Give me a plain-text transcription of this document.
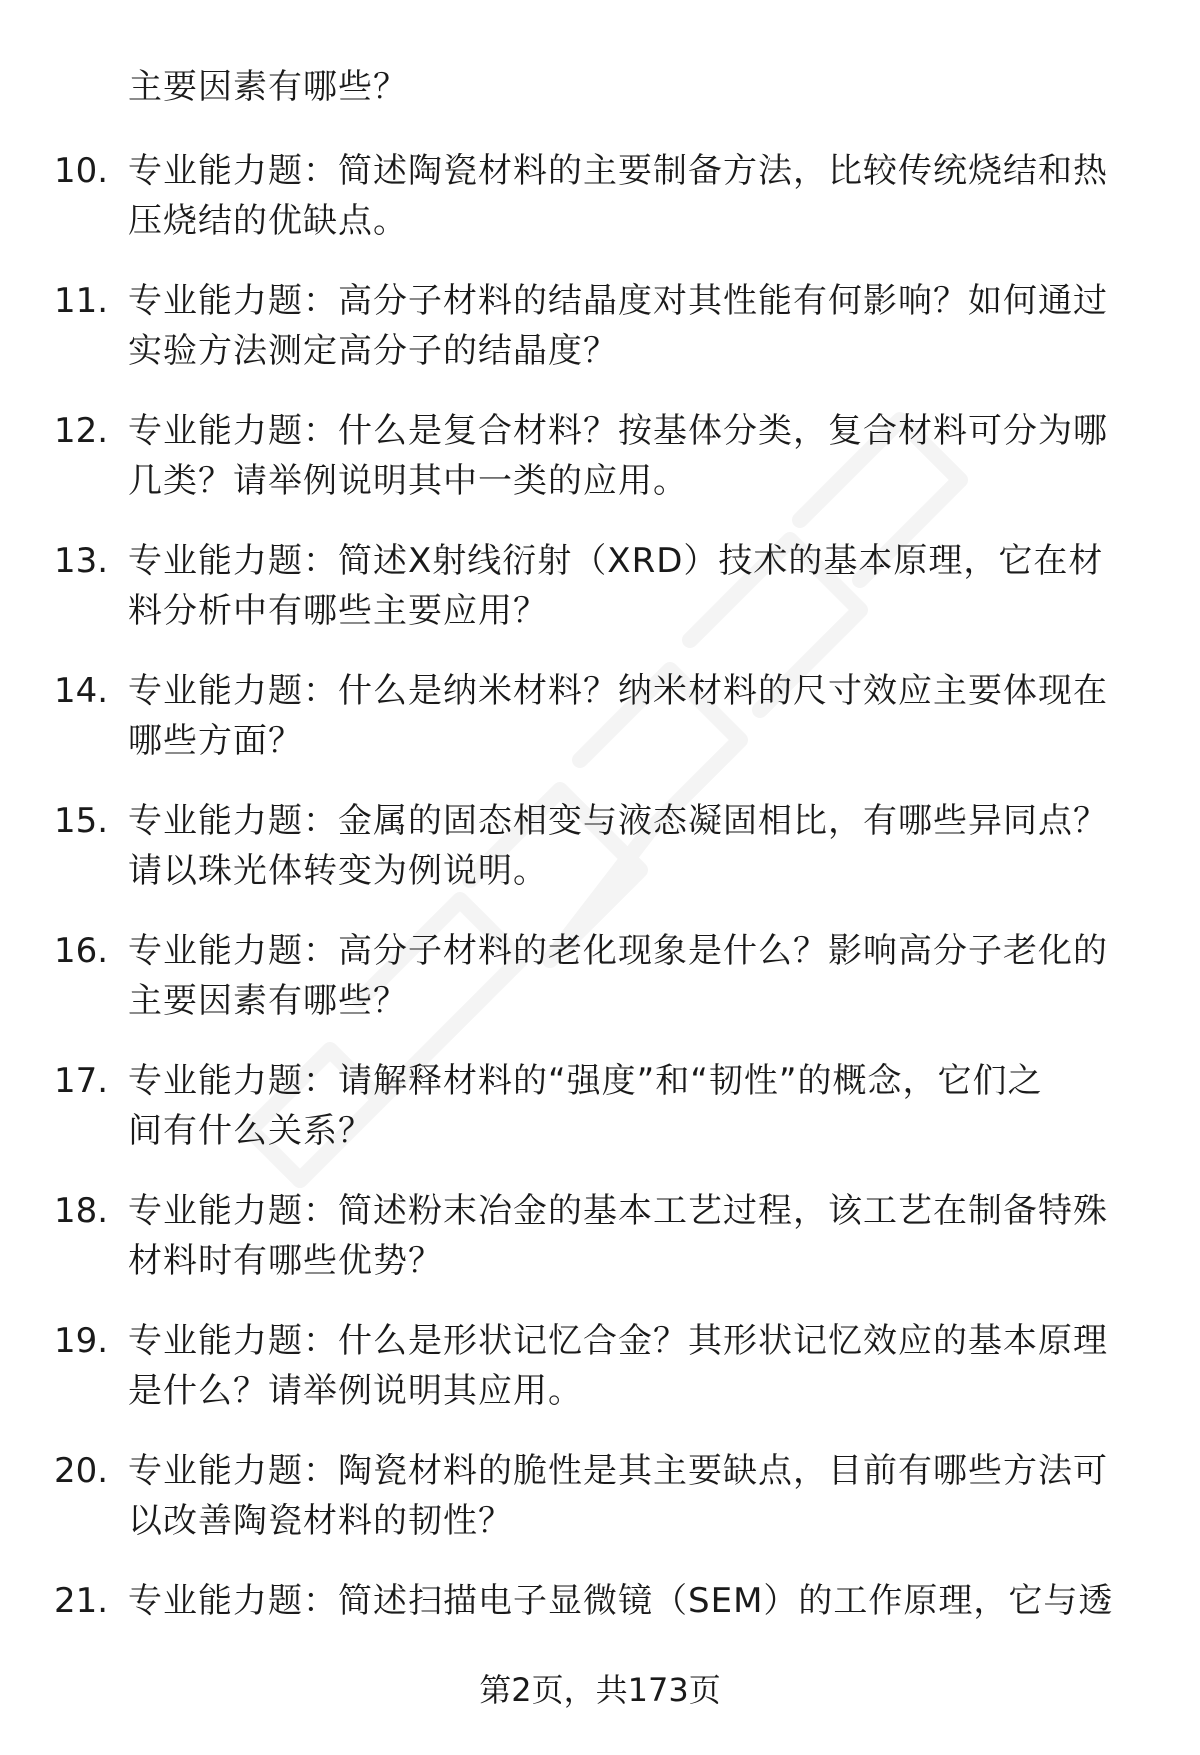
主要因素有哪些？
10. 专业能力题：简述陶瓷材料的主要制备方法，比较传统烧结和热
压烧结的优缺点。
11. 专业能力题：高分子材料的结晶度对其性能有何影响？如何通过
实验方法测定高分子的结晶度？
12. 专业能力题：什么是复合材料？按基体分类，复合材料可分为哪
几类？请举例说明其中一类的应用。
13. 专业能力题：简述X射线衍射（XRD）技术的基本原理，它在材
料分析中有哪些主要应用？
14. 专业能力题：什么是纳米材料？纳米材料的尺寸效应主要体现在
哪些方面？
15. 专业能力题：金属的固态相变与液态凝固相比，有哪些异同点？
请以珠光体转变为例说明。
16. 专业能力题：高分子材料的老化现象是什么？影响高分子老化的
主要因素有哪些？
17. 专业能力题：请解释材料的“强度”和“韧性”的概念，它们之
间有什么关系？
18. 专业能力题：简述粉末冶金的基本工艺过程，该工艺在制备特殊
材料时有哪些优势？
19. 专业能力题：什么是形状记忆合金？其形状记忆效应的基本原理
是什么？请举例说明其应用。
20. 专业能力题：陶瓷材料的脆性是其主要缺点，目前有哪些方法可
以改善陶瓷材料的韧性？
21. 专业能力题：简述扫描电子显微镜（SEM）的工作原理，它与透
第2页，共173页
